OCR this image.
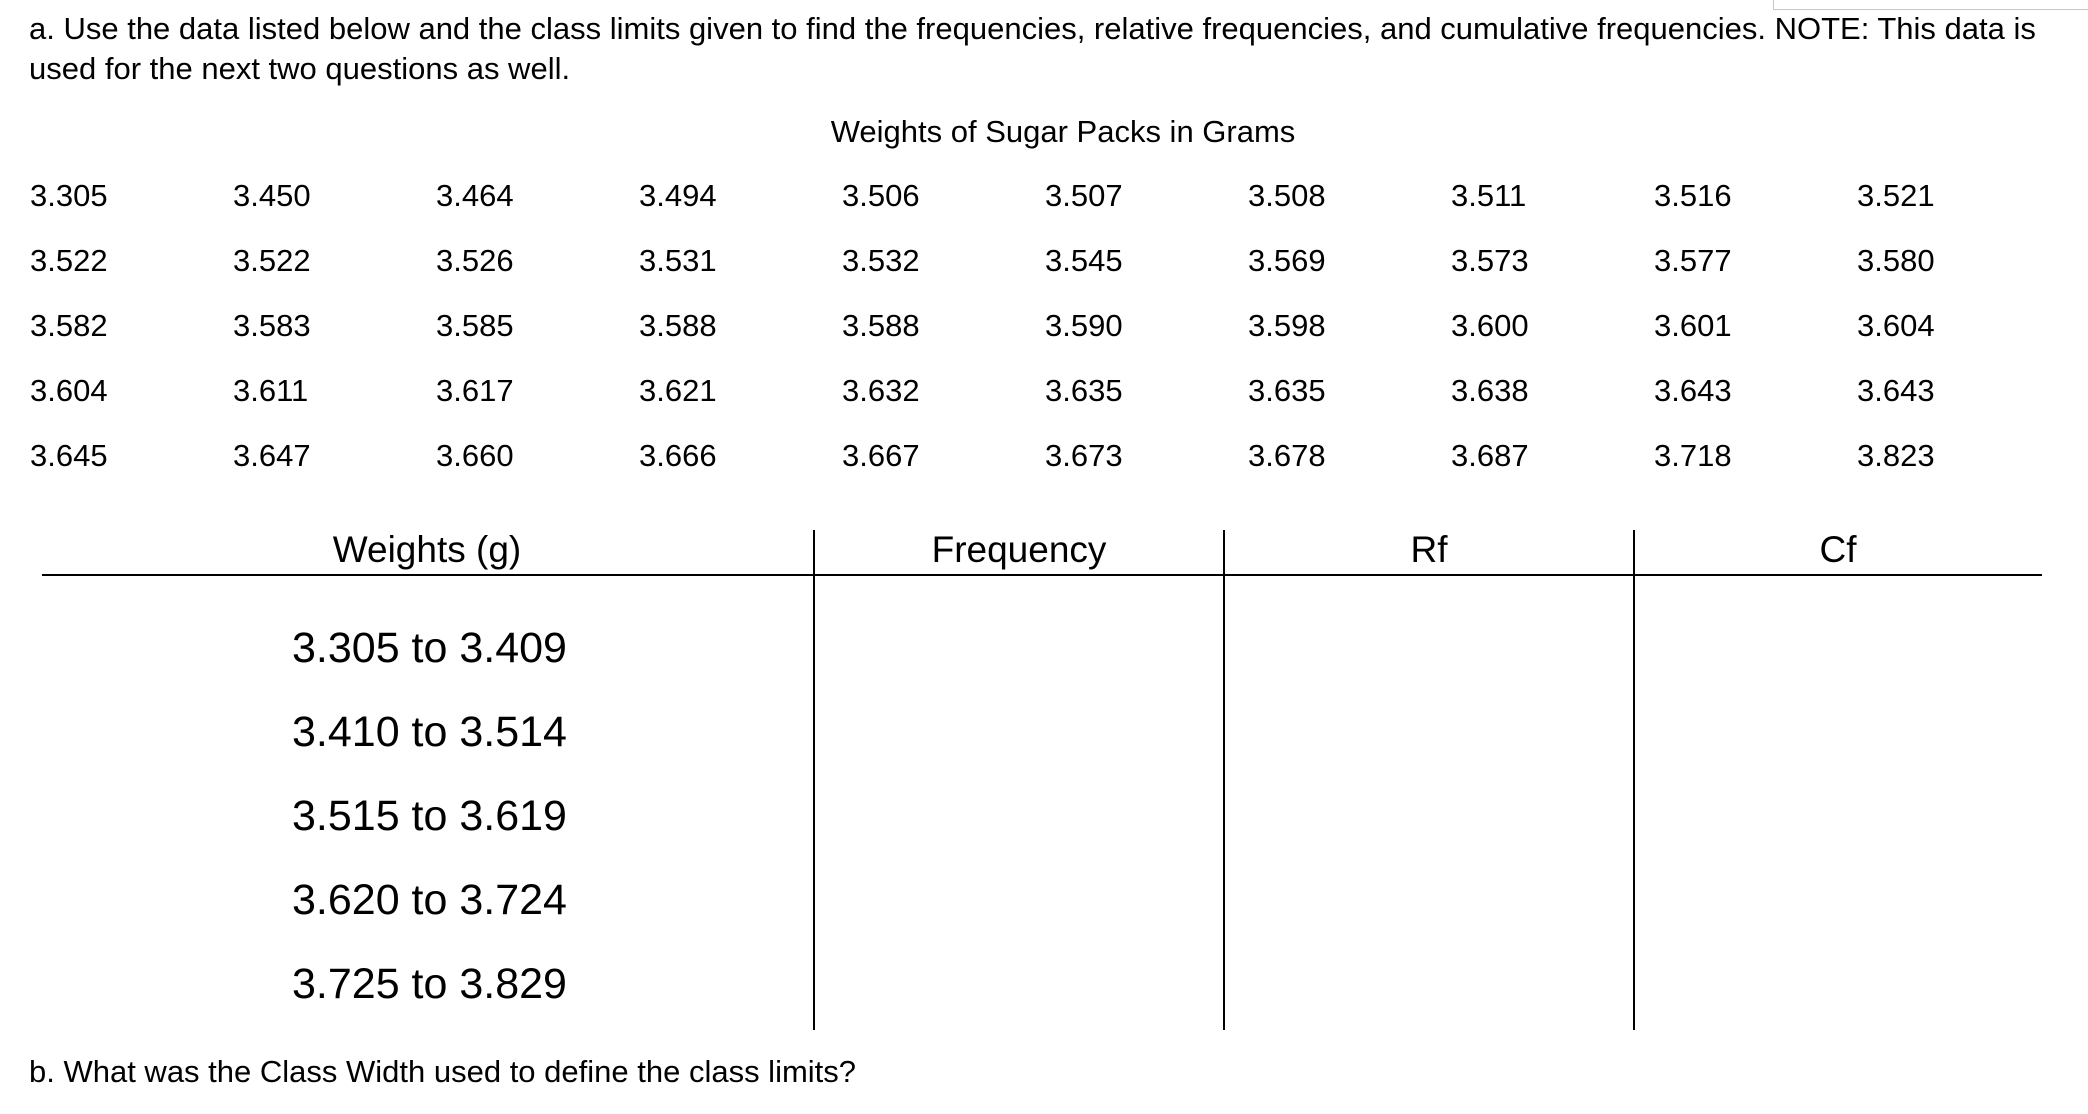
a. Use the data listed below and the class limits given to find the frequencies, relative frequencies, and cumulative frequencies. NOTE: This data is used for the next two questions as well.

Weights of Sugar Packs in Grams
3.305	3.450	3.464	3.494	3.506	3.507	3.508	3.511	3.516	3.521
3.522	3.522	3.526	3.531	3.532	3.545	3.569	3.573	3.577	3.580
3.582	3.583	3.585	3.588	3.588	3.590	3.598	3.600	3.601	3.604
3.604	3.611	3.617	3.621	3.632	3.635	3.635	3.638	3.643	3.643
3.645	3.647	3.660	3.666	3.667	3.673	3.678	3.687	3.718	3.823
Weights (g)	Frequency	Rf	Cf
3.305 to 3.409
3.410 to 3.514
3.515 to 3.619
3.620 to 3.724
3.725 to 3.829

b. What was the Class Width used to define the class limits?
